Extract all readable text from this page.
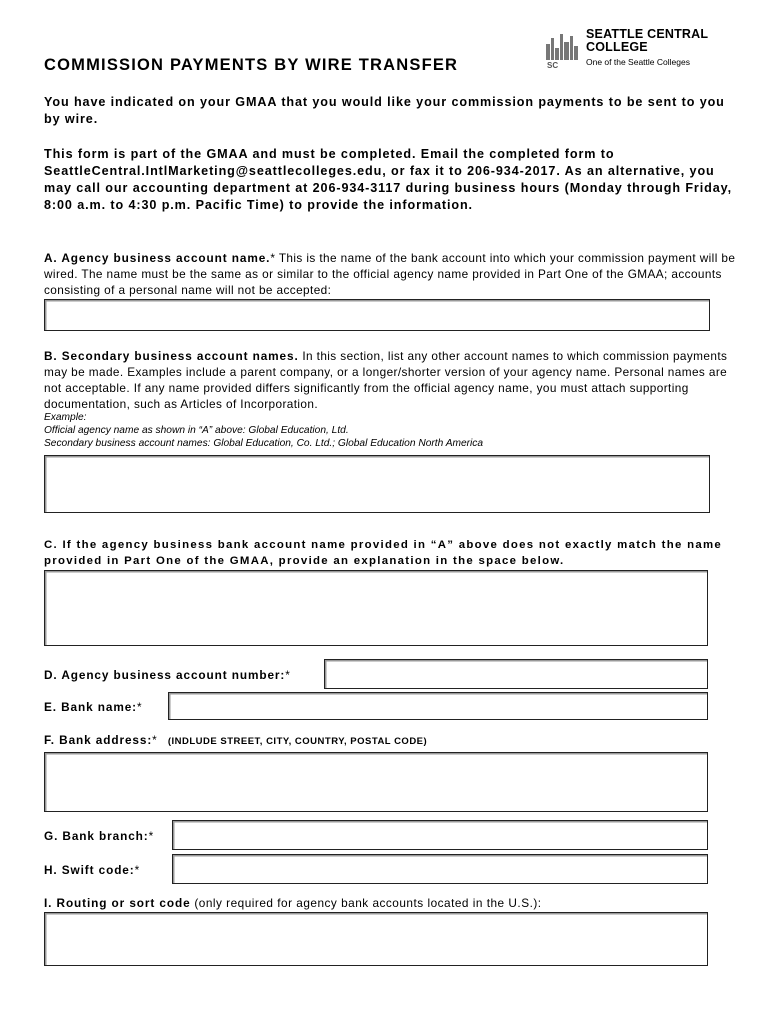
SC
SEATTLE CENTRAL
COLLEGE
One of the Seattle Colleges
COMMISSION PAYMENTS BY WIRE TRANSFER
You have indicated on your GMAA that you would like your commission payments to be sent to you by wire.
This form is part of the GMAA and must be completed. Email the completed form to SeattleCentral.IntlMarketing@seattlecolleges.edu, or fax it to 206-934-2017. As an alternative, you may call our accounting department at 206-934-3117 during business hours (Monday through Friday, 8:00 a.m. to 4:30 p.m. Pacific Time) to provide the information.
A. Agency business account name.* This is the name of the bank account into which your commission payment will be wired. The name must be the same as or similar to the official agency name provided in Part One of the GMAA; accounts consisting of a personal name will not be accepted:
B. Secondary business account names. In this section, list any other account names to which commission payments may be made. Examples include a parent company, or a longer/shorter version of your agency name. Personal names are not acceptable. If any name provided differs significantly from the official agency name, you must attach supporting documentation, such as Articles of Incorporation.
Example:
Official agency name as shown in “A” above: Global Education, Ltd.
Secondary business account names: Global Education, Co. Ltd.; Global Education North America
C. If the agency business bank account name provided in “A” above does not exactly match the name provided in Part One of the GMAA, provide an explanation in the space below.
D. Agency business account number:*
E. Bank name:*
F. Bank address:* (INDLUDE STREET, CITY, COUNTRY, POSTAL CODE)
G. Bank branch:*
H. Swift code:*
I. Routing or sort code (only required for agency bank accounts located in the U.S.):
